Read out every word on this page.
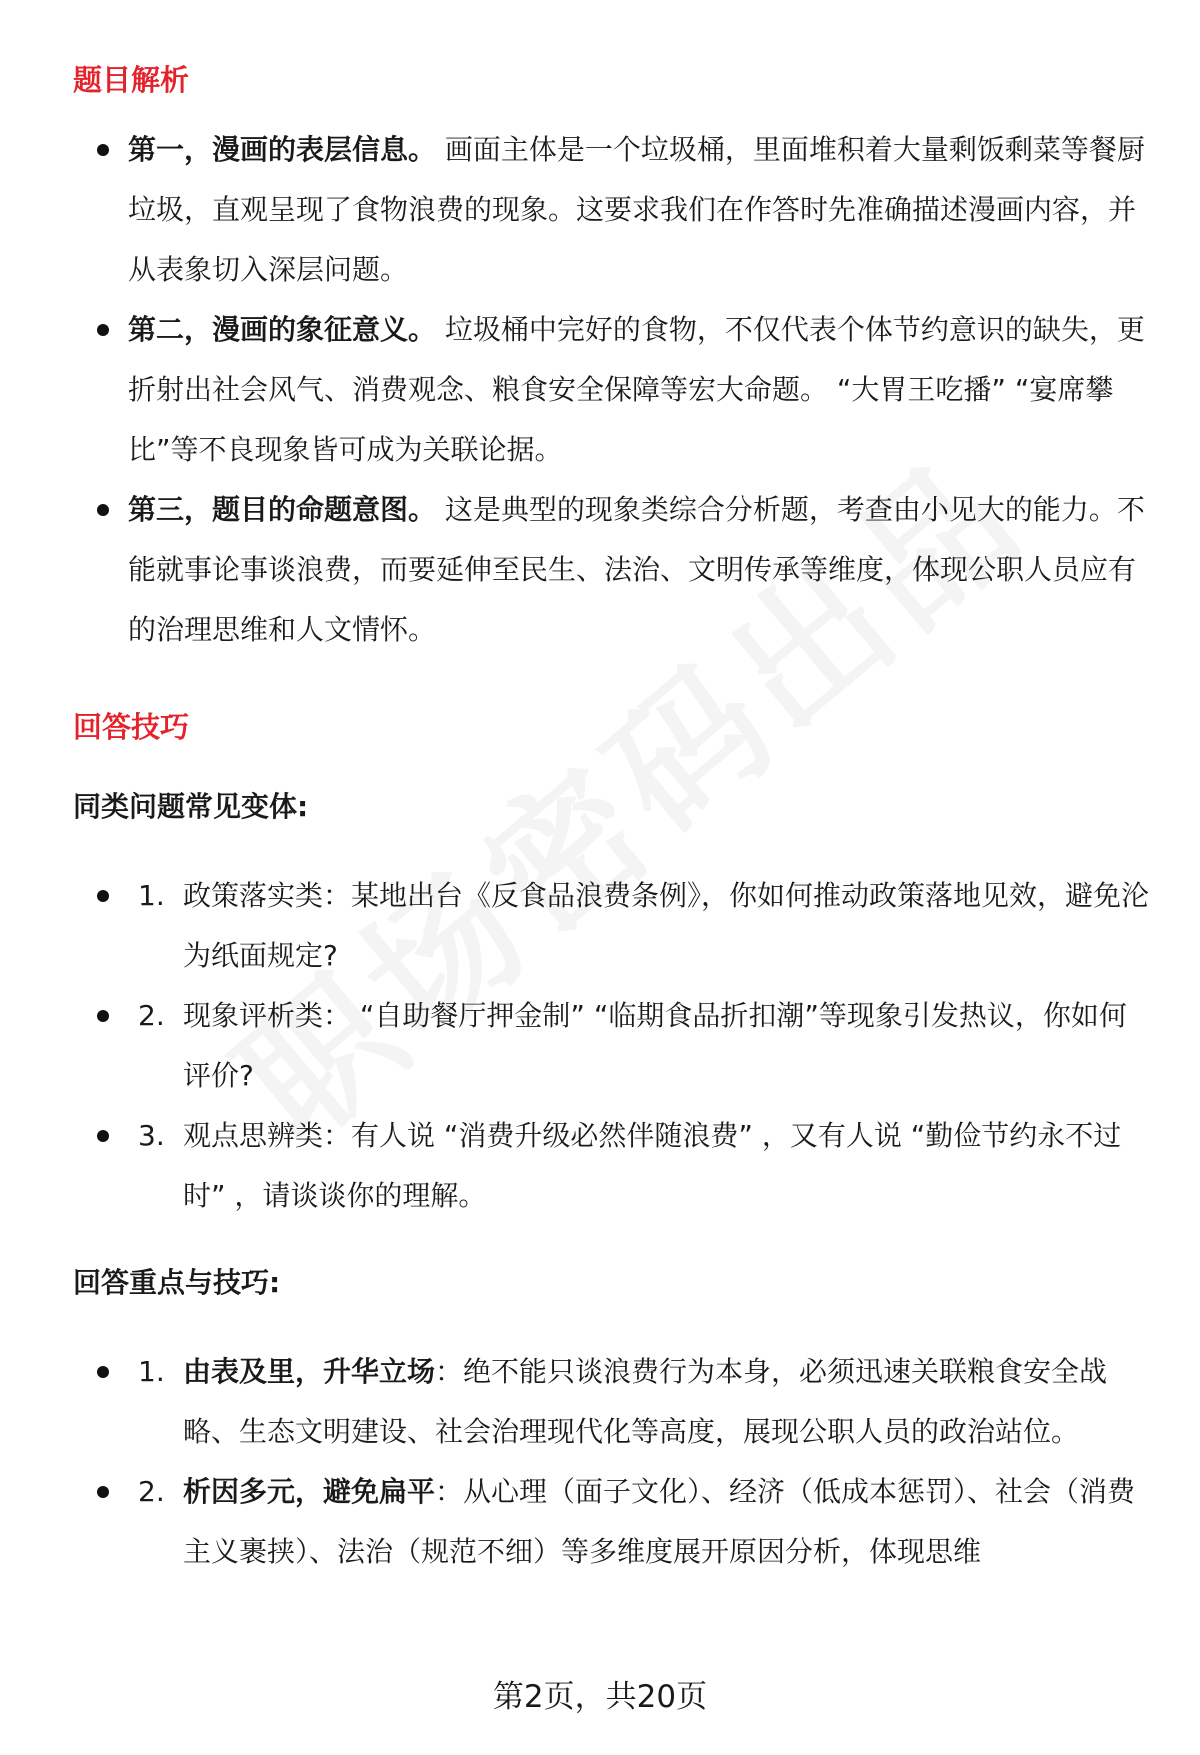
题目解析
第一，漫画的表层信息。 画面主体是一个垃圾桶，里面堆积着大量剩饭剩菜等餐厨垃圾，直观呈现了食物浪费的现象。这要求我们在作答时先准确描述漫画内容，并从表象切入深层问题。
第二，漫画的象征意义。 垃圾桶中完好的食物，不仅代表个体节约意识的缺失，更折射出社会风气、消费观念、粮食安全保障等宏大命题。 “大胃王吃播” “宴席攀比”等不良现象皆可成为关联论据。
第三，题目的命题意图。 这是典型的现象类综合分析题，考查由小见大的能力。不能就事论事谈浪费，而要延伸至民生、法治、文明传承等维度，体现公职人员应有的治理思维和人文情怀。
回答技巧
同类问题常见变体:
1. 政策落实类：某地出台《反食品浪费条例》，你如何推动政策落地见效，避免沦为纸面规定?
2. 现象评析类： “自助餐厅押金制” “临期食品折扣潮”等现象引发热议，你如何评价?
3. 观点思辨类：有人说 “消费升级必然伴随浪费” ，又有人说 “勤俭节约永不过时” ，请谈谈你的理解。
回答重点与技巧:
1. 由表及里，升华立场：绝不能只谈浪费行为本身，必须迅速关联粮食安全战略、生态文明建设、社会治理现代化等高度，展现公职人员的政治站位。
2. 析因多元，避免扁平：从心理（面子文化）、经济（低成本惩罚）、社会（消费主义裹挟）、法治（规范不细）等多维度展开原因分析，体现思维
第2页，共20页
